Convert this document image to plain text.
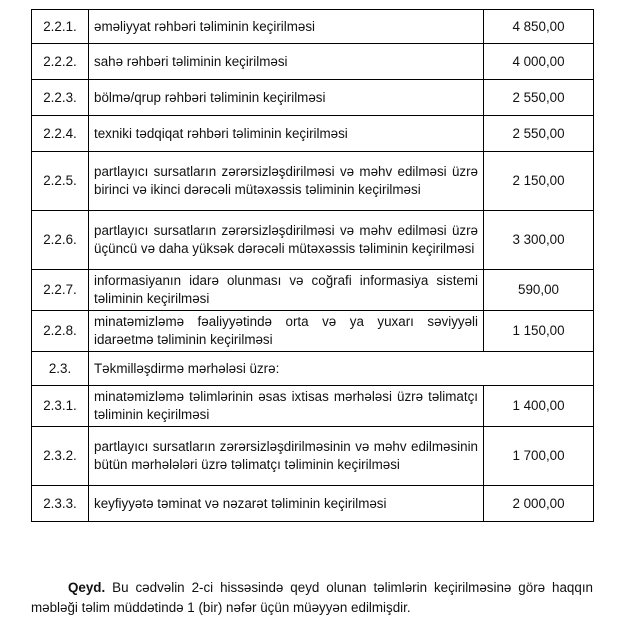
2.2.1.	əməliyyat rəhbəri təliminin keçirilməsi	4 850,00
2.2.2.	sahə rəhbəri təliminin keçirilməsi	4 000,00
2.2.3.	bölmə/qrup rəhbəri təliminin keçirilməsi	2 550,00
2.2.4.	texniki tədqiqat rəhbəri təliminin keçirilməsi	2 550,00
2.2.5.	partlayıcı sursatların zərərsizləşdirilməsi və məhv edilməsi üzrə birinci və ikinci dərəcəli mütəxəssis təliminin keçirilməsi	2 150,00
2.2.6.	partlayıcı sursatların zərərsizləşdirilməsi və məhv edilməsi üzrə üçüncü və daha yüksək dərəcəli mütəxəssis təliminin keçirilməsi	3 300,00
2.2.7.	informasiyanın idarə olunması və coğrafi informasiya sistemi təliminin keçirilməsi	590,00
2.2.8.	minatəmizləmə fəaliyyətində orta və ya yuxarı səviyyəli idarəetmə təliminin keçirilməsi	1 150,00
2.3.	Təkmilləşdirmə mərhələsi üzrə:	
2.3.1.	minatəmizləmə təlimlərinin əsas ixtisas mərhələsi üzrə təlimatçı təliminin keçirilməsi	1 400,00
2.3.2.	partlayıcı sursatların zərərsizləşdirilməsinin və məhv edilməsinin bütün mərhələləri üzrə təlimatçı təliminin keçirilməsi	1 700,00
2.3.3.	keyfiyyətə təminat və nəzarət təliminin keçirilməsi	2 000,00

Qeyd. Bu cədvəlin 2-ci hissəsində qeyd olunan təlimlərin keçirilməsinə görə haqqın məbləği təlim müddətində 1 (bir) nəfər üçün müəyyən edilmişdir.
